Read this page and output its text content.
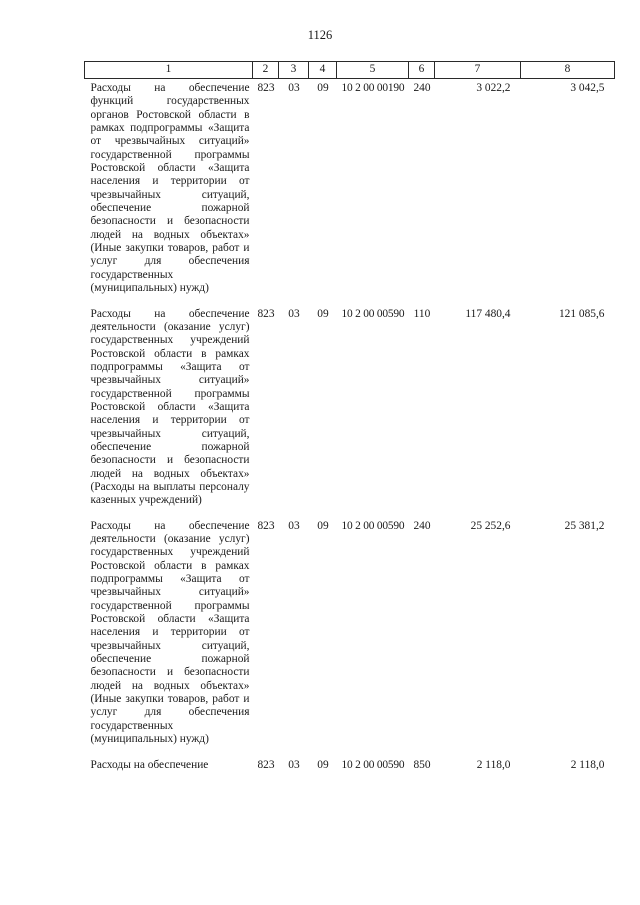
1126
1	2	3	4	5	6	7	8
Расходы на обеспечение функций государственных органов Ростовской области в рамках подпрограммы «Защита от чрезвычайных ситуаций» государственной программы Ростовской области «Защита населения и территории от чрезвычайных ситуаций, обеспечение пожарной безопасности и безопасности людей на водных объектах» (Иные закупки товаров, работ и услуг для обеспечения государственных (муниципальных) нужд)	823	03	09	10 2 00 00190	240	3 022,2	3 042,5
Расходы на обеспечение деятельности (оказание услуг) государственных учреждений Ростовской области в рамках подпрограммы «Защита от чрезвычайных ситуаций» государственной программы Ростовской области «Защита населения и территории от чрезвычайных ситуаций, обеспечение пожарной безопасности и безопасности людей на водных объектах» (Расходы на выплаты персоналу казенных учреждений)	823	03	09	10 2 00 00590	110	117 480,4	121 085,6
Расходы на обеспечение деятельности (оказание услуг) государственных учреждений Ростовской области в рамках подпрограммы «Защита от чрезвычайных ситуаций» государственной программы Ростовской области «Защита населения и территории от чрезвычайных ситуаций, обеспечение пожарной безопасности и безопасности людей на водных объектах» (Иные закупки товаров, работ и услуг для обеспечения государственных (муниципальных) нужд)	823	03	09	10 2 00 00590	240	25 252,6	25 381,2
Расходы на обеспечение	823	03	09	10 2 00 00590	850	2 118,0	2 118,0
